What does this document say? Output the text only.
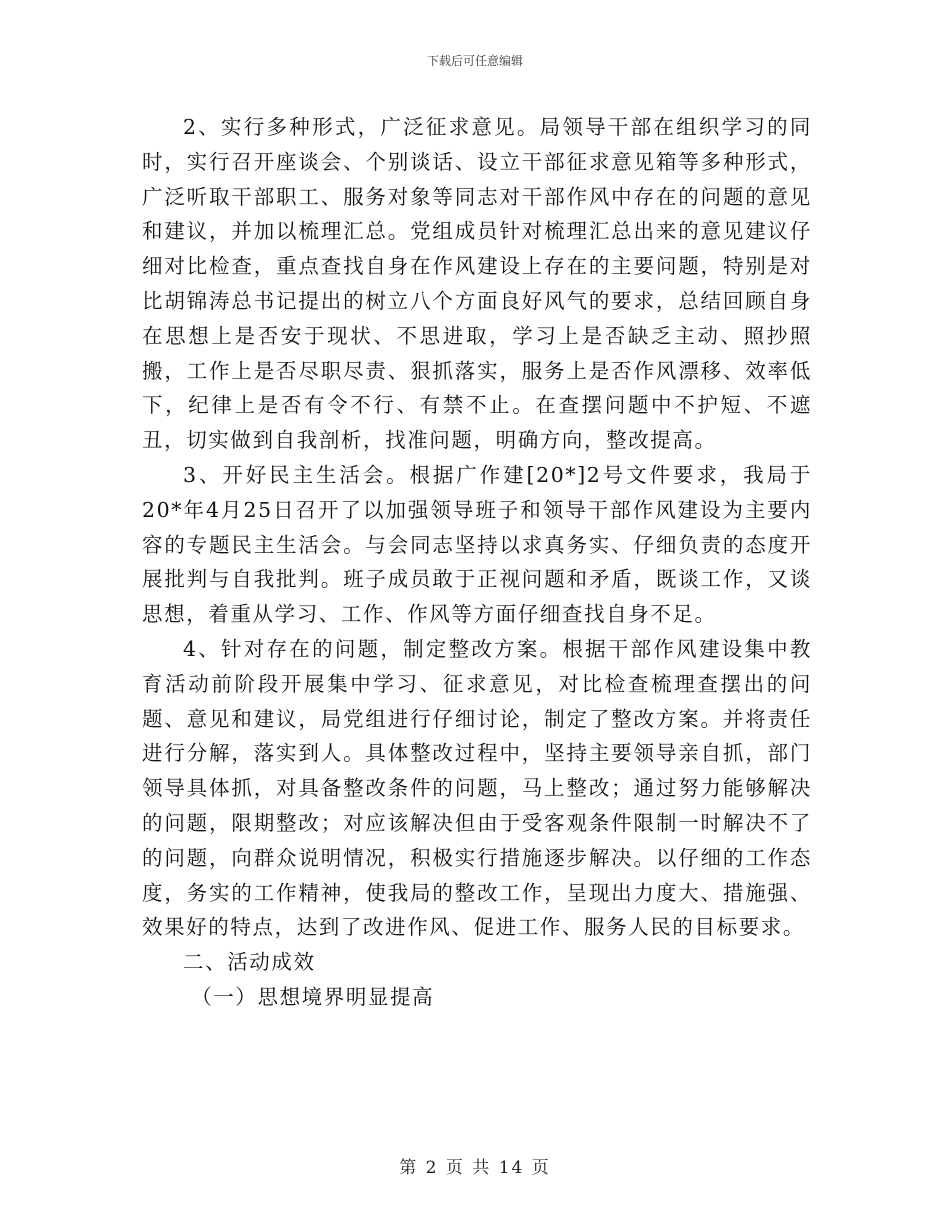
下载后可任意编辑

2、实行多种形式，广泛征求意见。局领导干部在组织学习的同时，实行召开座谈会、个别谈话、设立干部征求意见箱等多种形式，广泛听取干部职工、服务对象等同志对干部作风中存在的问题的意见和建议，并加以梳理汇总。党组成员针对梳理汇总出来的意见建议仔细对比检查，重点查找自身在作风建设上存在的主要问题，特别是对比胡锦涛总书记提出的树立八个方面良好风气的要求，总结回顾自身在思想上是否安于现状、不思进取，学习上是否缺乏主动、照抄照搬，工作上是否尽职尽责、狠抓落实，服务上是否作风漂移、效率低下，纪律上是否有令不行、有禁不止。在查摆问题中不护短、不遮丑，切实做到自我剖析，找准问题，明确方向，整改提高。

3、开好民主生活会。根据广作建[20*]2号文件要求，我局于20*年4月25日召开了以加强领导班子和领导干部作风建设为主要内容的专题民主生活会。与会同志坚持以求真务实、仔细负责的态度开展批判与自我批判。班子成员敢于正视问题和矛盾，既谈工作，又谈思想，着重从学习、工作、作风等方面仔细查找自身不足。

4、针对存在的问题，制定整改方案。根据干部作风建设集中教育活动前阶段开展集中学习、征求意见，对比检查梳理查摆出的问题、意见和建议，局党组进行仔细讨论，制定了整改方案。并将责任进行分解，落实到人。具体整改过程中，坚持主要领导亲自抓，部门领导具体抓，对具备整改条件的问题，马上整改；通过努力能够解决的问题，限期整改；对应该解决但由于受客观条件限制一时解决不了的问题，向群众说明情况，积极实行措施逐步解决。以仔细的工作态度，务实的工作精神，使我局的整改工作，呈现出力度大、措施强、效果好的特点，达到了改进作风、促进工作、服务人民的目标要求。

二、活动成效

（一）思想境界明显提高

第 2 页 共 14 页
